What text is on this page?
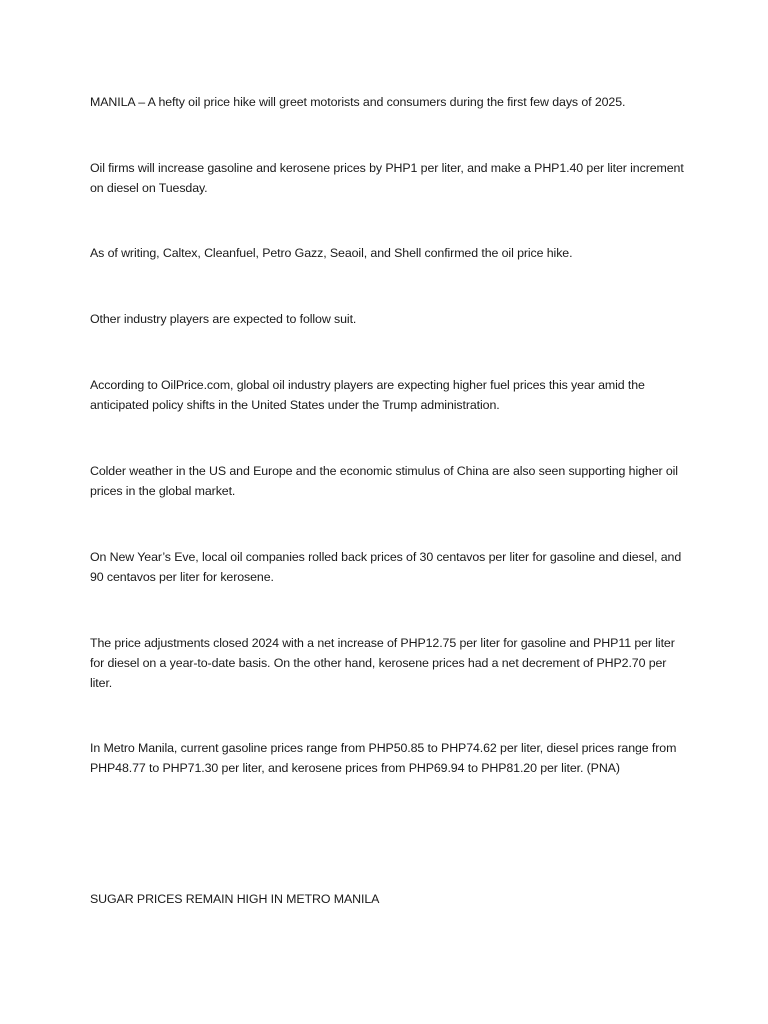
MANILA – A hefty oil price hike will greet motorists and consumers during the first few days of 2025.

Oil firms will increase gasoline and kerosene prices by PHP1 per liter, and make a PHP1.40 per liter increment on diesel on Tuesday.

As of writing, Caltex, Cleanfuel, Petro Gazz, Seaoil, and Shell confirmed the oil price hike.

Other industry players are expected to follow suit.

According to OilPrice.com, global oil industry players are expecting higher fuel prices this year amid the anticipated policy shifts in the United States under the Trump administration.

Colder weather in the US and Europe and the economic stimulus of China are also seen supporting higher oil prices in the global market.

On New Year’s Eve, local oil companies rolled back prices of 30 centavos per liter for gasoline and diesel, and 90 centavos per liter for kerosene.

The price adjustments closed 2024 with a net increase of PHP12.75 per liter for gasoline and PHP11 per liter for diesel on a year-to-date basis. On the other hand, kerosene prices had a net decrement of PHP2.70 per liter.

In Metro Manila, current gasoline prices range from PHP50.85 to PHP74.62 per liter, diesel prices range from PHP48.77 to PHP71.30 per liter, and kerosene prices from PHP69.94 to PHP81.20 per liter. (PNA)

SUGAR PRICES REMAIN HIGH IN METRO MANILA
